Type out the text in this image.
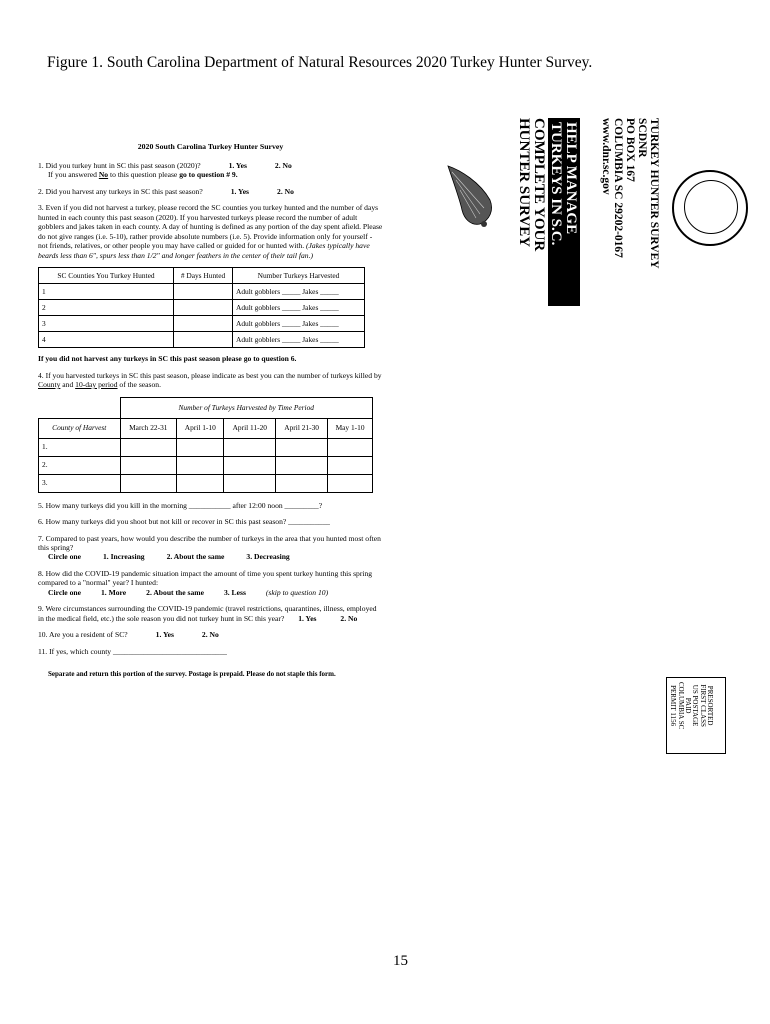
Figure 1. South Carolina Department of Natural Resources 2020 Turkey Hunter Survey.
2020 South Carolina Turkey Hunter Survey
1. Did you turkey hunt in SC this past season (2020)?	1. Yes	2. No
If you answered No to this question please go to question # 9.
2. Did you harvest any turkeys in SC this past season?	1. Yes	2. No
3. Even if you did not harvest a turkey, please record the SC counties you turkey hunted and the number of days hunted in each county this past season (2020). If you harvested turkeys please record the number of adult gobblers and jakes taken in each county. A day of hunting is defined as any portion of the day spent afield. Please do not give ranges (i.e. 5-10), rather provide absolute numbers (i.e. 5). Provide information only for yourself - not friends, relatives, or other people you may have called or guided for or hunted with. (Jakes typically have beards less than 6", spurs less than 1/2" and longer feathers in the center of their tail fan.)
SC Counties You Turkey Hunted	# Days Hunted	Number Turkeys Harvested
1		Adult gobblers _____ Jakes _____
2		Adult gobblers _____ Jakes _____
3		Adult gobblers _____ Jakes _____
4		Adult gobblers _____ Jakes _____
If you did not harvest any turkeys in SC this past season please go to question 6.
4. If you harvested turkeys in SC this past season, please indicate as best you can the number of turkeys killed by County and 10-day period of the season.
	Number of Turkeys Harvested by Time Period				
County of Harvest	March 22-31	April 1-10	April 11-20	April 21-30	May 1-10
1.					
2.					
3.					
5. How many turkeys did you kill in the morning ___________ after 12:00 noon _________?
6. How many turkeys did you shoot but not kill or recover in SC this past season? ___________
7. Compared to past years, how would you describe the number of turkeys in the area that you hunted most often this spring?
Circle one	1. Increasing	2. About the same	3. Decreasing
8. How did the COVID-19 pandemic situation impact the amount of time you spent turkey hunting this spring compared to a "normal" year? I hunted:
Circle one	1. More	2. About the same	3. Less	(skip to question 10)
9. Were circumstances surrounding the COVID-19 pandemic (travel restrictions, quarantines, illness, employed in the medical field, etc.) the sole reason you did not turkey hunt in SC this year? 1. Yes	2. No
10. Are you a resident of SC?	1. Yes	2. No
11. If yes, which county ______________________________
Separate and return this portion of the survey. Postage is prepaid. Please do not staple this form.
TURKEY HUNTER SURVEY
SCDNR
PO BOX 167
COLUMBIA SC 29202-0167
www.dnr.sc.gov
HELP MANAGE
TURKEYS IN S.C.
COMPLETE YOUR
HUNTER SURVEY
PRESORTED
FIRST CLASS
US POSTAGE
PAID
COLUMBIA SC
PERMIT 1156
15
